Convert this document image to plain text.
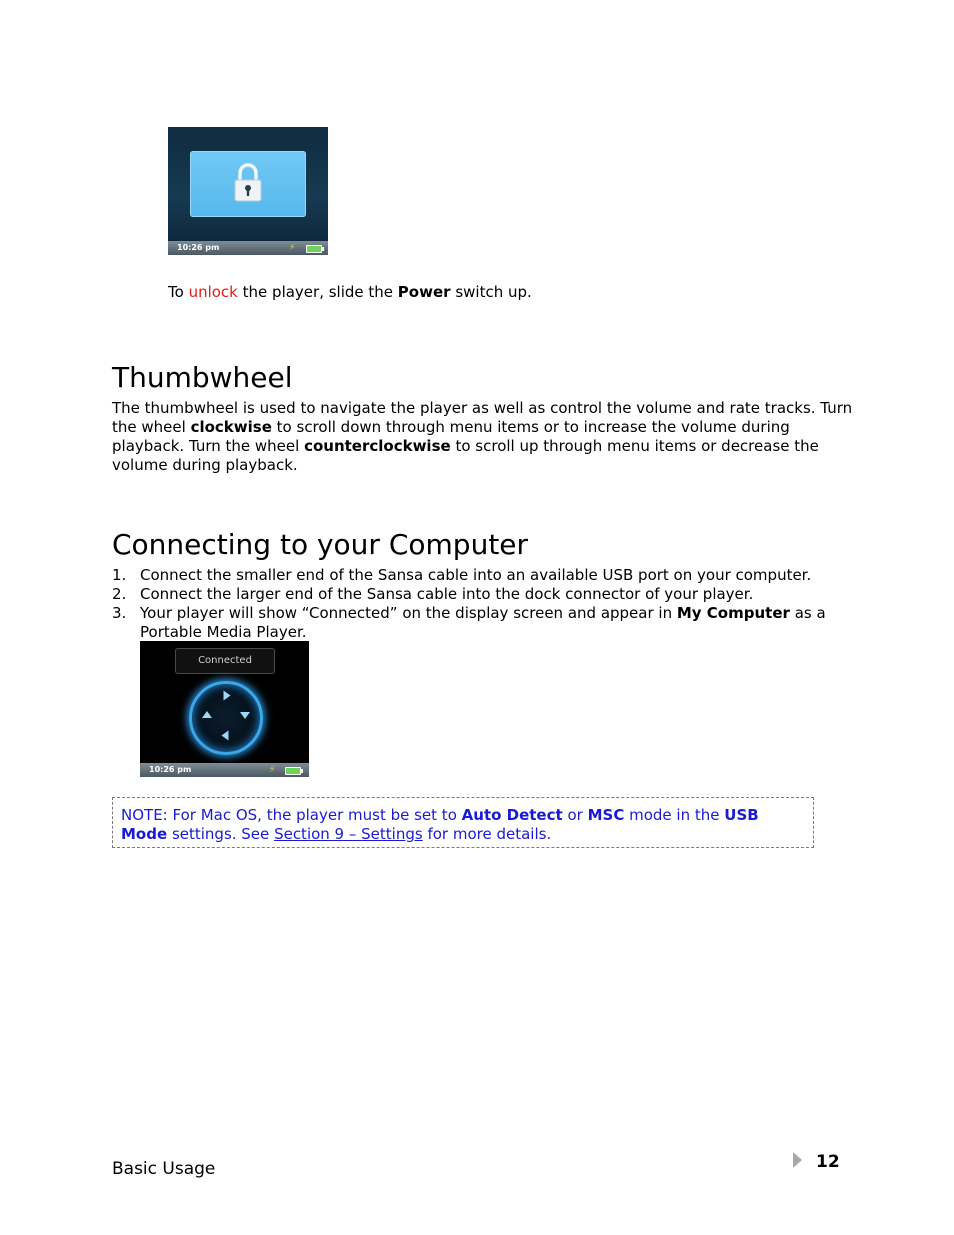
10:26 pm	⚡
To unlock the player, slide the Power switch up.
Thumbwheel
The thumbwheel is used to navigate the player as well as control the volume and rate tracks. Turn the wheel clockwise to scroll down through menu items or to increase the volume during playback. Turn the wheel counterclockwise to scroll up through menu items or decrease the volume during playback.
Connecting to your Computer
1. Connect the smaller end of the Sansa cable into an available USB port on your computer.
2. Connect the larger end of the Sansa cable into the dock connector of your player.
3. Your player will show “Connected” on the display screen and appear in My Computer as a Portable Media Player.
Connected
10:26 pm	⚡
NOTE: For Mac OS, the player must be set to Auto Detect or MSC mode in the USB Mode settings. See Section 9 – Settings for more details.
Basic Usage	12
